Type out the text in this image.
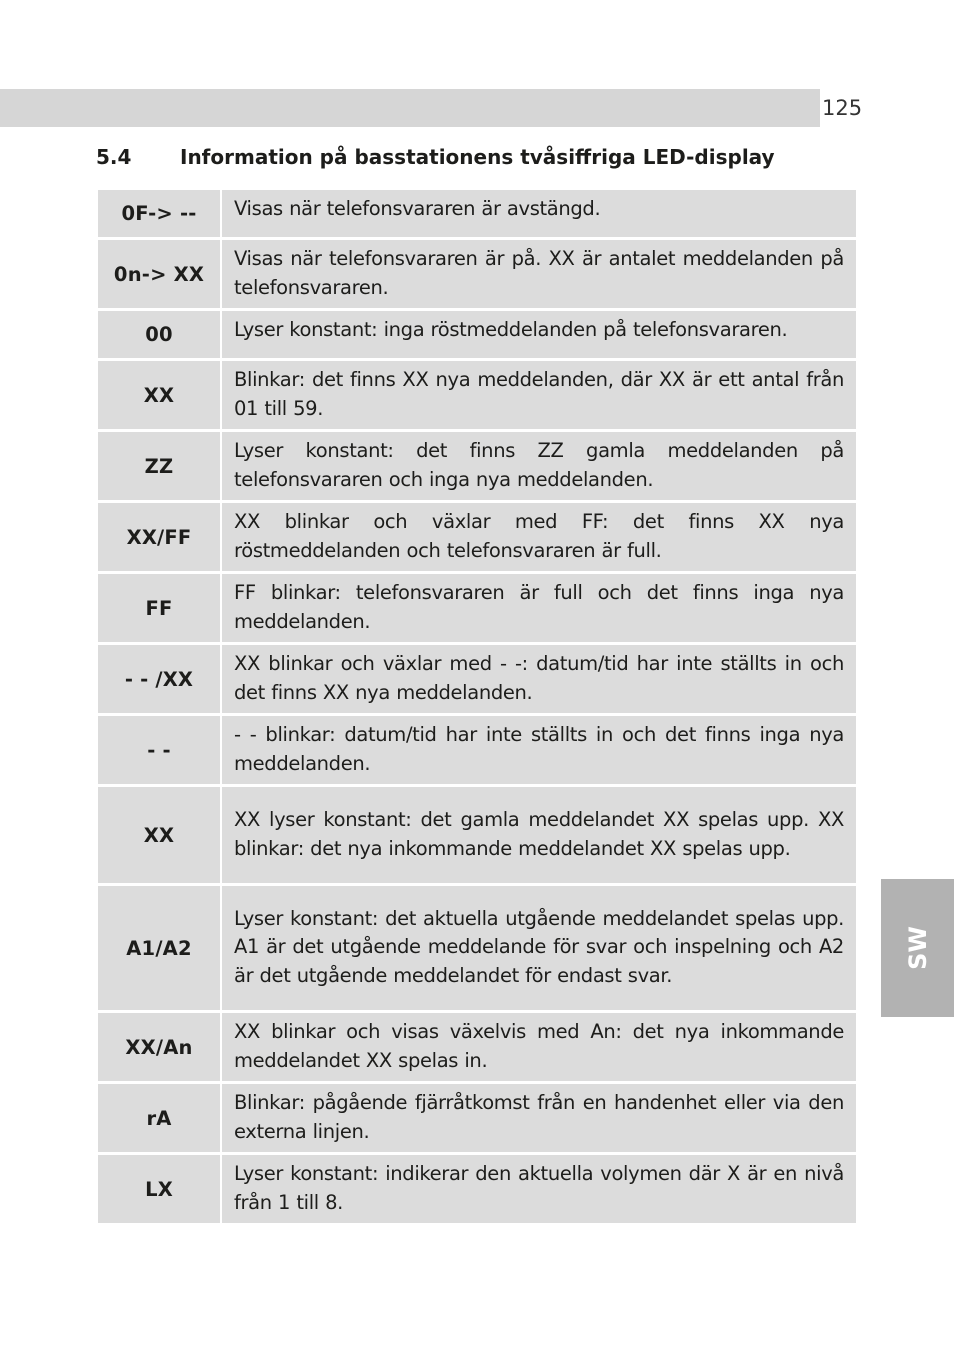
125
5.4 Information på basstationens tvåsiffriga LED-display
0F-> --	Visas när telefonsvararen är avstängd.
0n-> XX	Visas när telefonsvararen är på. XX är antalet meddelanden på telefonsvararen.
00	Lyser konstant: inga röstmeddelanden på telefonsvararen.
XX	Blinkar: det finns XX nya meddelanden, där XX är ett antal från 01 till 59.
ZZ	Lyser konstant: det finns ZZ gamla meddelanden på telefonsvararen och inga nya meddelanden.
XX/FF	XX blinkar och växlar med FF: det finns XX nya röstmeddelanden och telefonsvararen är full.
FF	FF blinkar: telefonsvararen är full och det finns inga nya meddelanden.
- - /XX	XX blinkar och växlar med - -: datum/tid har inte ställts in och det finns XX nya meddelanden.
- -	- - blinkar: datum/tid har inte ställts in och det finns inga nya meddelanden.
XX	XX lyser konstant: det gamla meddelandet XX spelas upp. XX blinkar: det nya inkommande meddelandet XX spelas upp.
A1/A2	Lyser konstant: det aktuella utgående meddelandet spelas upp. A1 är det utgående meddelande för svar och inspelning och A2 är det utgående meddelandet för endast svar.
XX/An	XX blinkar och visas växelvis med An: det nya inkommande meddelandet XX spelas in.
rA	Blinkar: pågående fjärråtkomst från en handenhet eller via den externa linjen.
LX	Lyser konstant: indikerar den aktuella volymen där X är en nivå från 1 till 8.
SW
